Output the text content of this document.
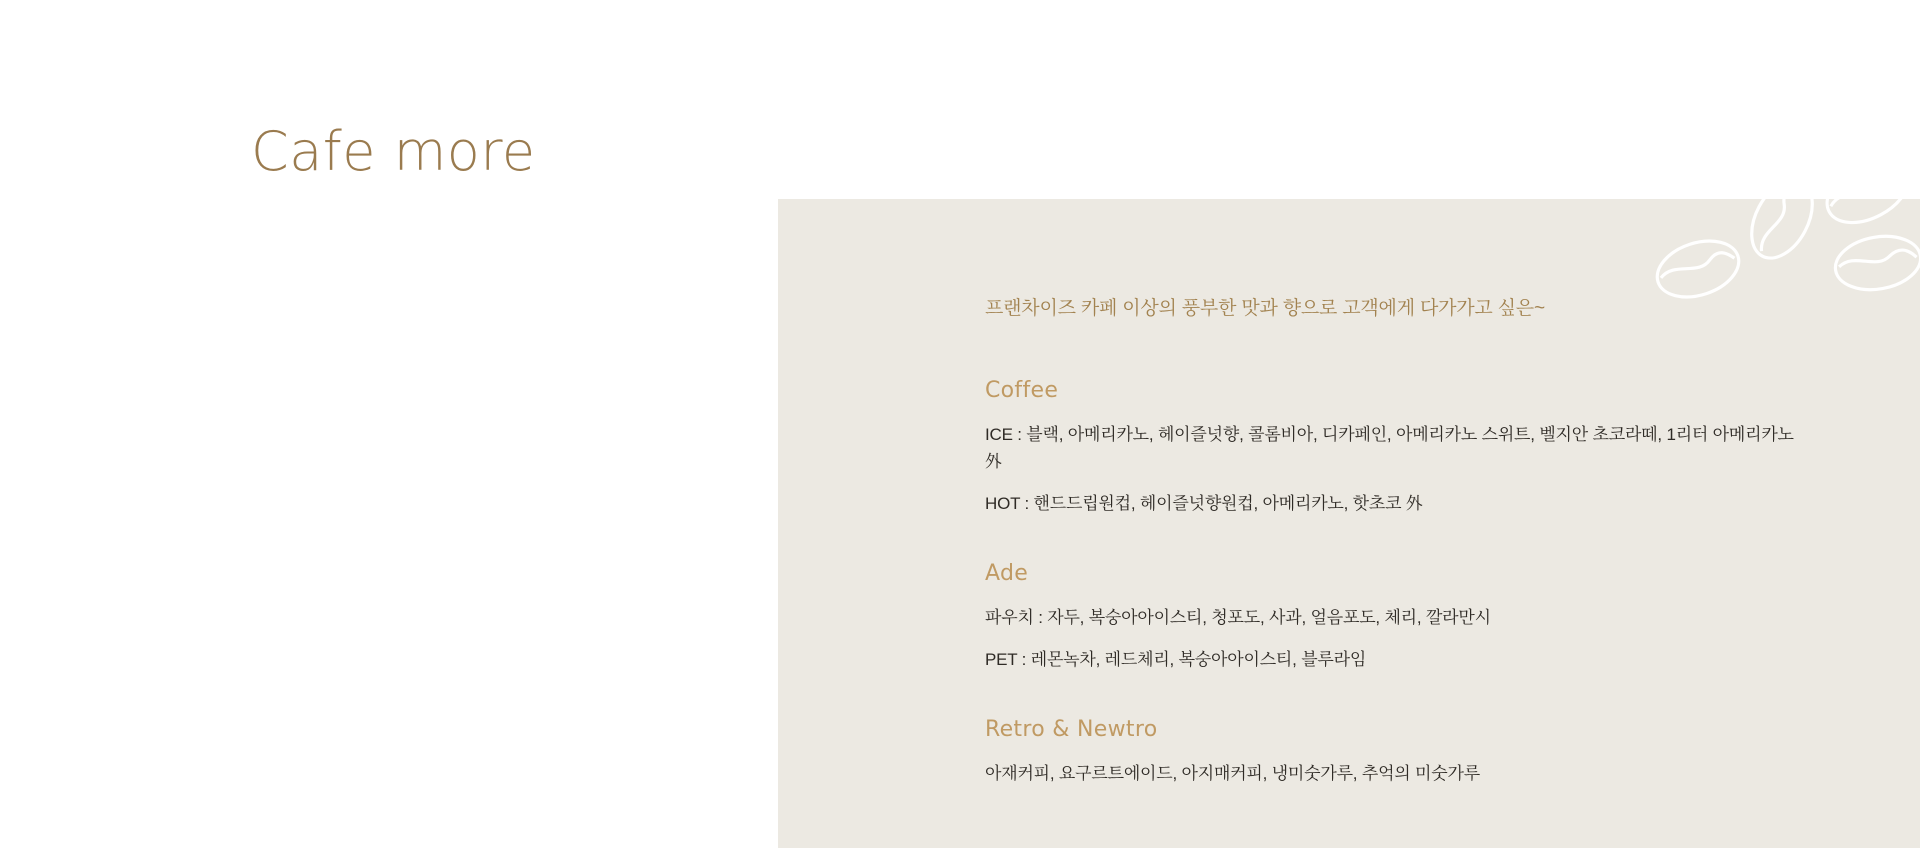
Cafe more

프랜차이즈 카페 이상의 풍부한 맛과 향으로 고객에게 다가가고 싶은~

Coffee

ICE : 블랙, 아메리카노, 헤이즐넛향, 콜롬비아, 디카페인, 아메리카노 스위트, 벨지안 초코라떼, 1리터 아메리카노 外

HOT : 핸드드립원컵, 헤이즐넛향원컵, 아메리카노, 핫초코 外

Ade

파우치 : 자두, 복숭아아이스티, 청포도, 사과, 얼음포도, 체리, 깔라만시

PET : 레몬녹차, 레드체리, 복숭아아이스티, 블루라임

Retro & Newtro

아재커피, 요구르트에이드, 아지매커피, 냉미숫가루, 추억의 미숫가루
